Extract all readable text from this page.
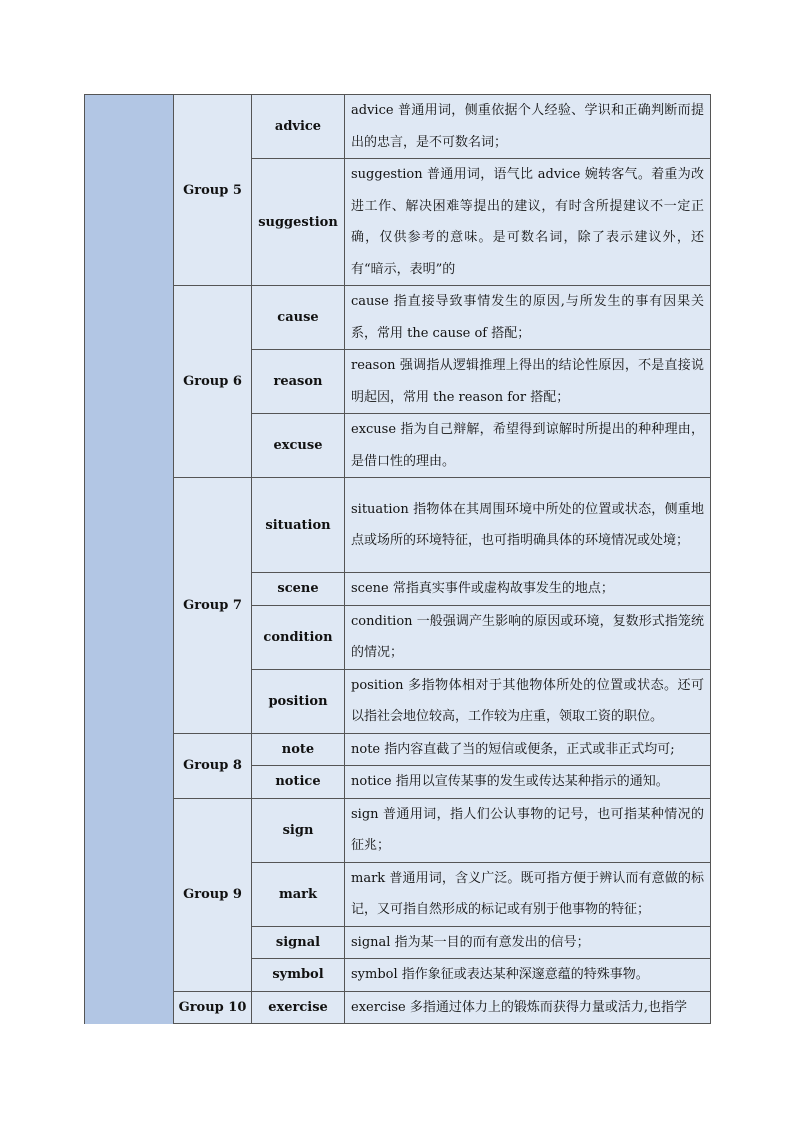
	Group 5	advice	advice 普通用词，侧重依据个人经验、学识和正确判断而提出的忠言，是不可数名词；
		suggestion	suggestion 普通用词，语气比 advice 婉转客气。着重为改进工作、解决困难等提出的建议，有时含所提建议不一定正确，仅供参考的意味。是可数名词，除了表示建议外，还有“暗示，表明”的
	Group 6	cause	cause 指直接导致事情发生的原因,与所发生的事有因果关系，常用 the cause of 搭配；
		reason	reason 强调指从逻辑推理上得出的结论性原因，不是直接说明起因，常用 the reason for 搭配；
		excuse	excuse 指为自己辩解，希望得到谅解时所提出的种种理由，是借口性的理由。
	Group 7	situation	situation 指物体在其周围环境中所处的位置或状态，侧重地点或场所的环境特征，也可指明确具体的环境情况或处境；
		scene	scene 常指真实事件或虚构故事发生的地点；
		condition	condition 一般强调产生影响的原因或环境，复数形式指笼统的情况；
		position	position 多指物体相对于其他物体所处的位置或状态。还可以指社会地位较高，工作较为庄重，领取工资的职位。
	Group 8	note	note 指内容直截了当的短信或便条，正式或非正式均可;
		notice	notice 指用以宣传某事的发生或传达某种指示的通知。
	Group 9	sign	sign 普通用词，指人们公认事物的记号，也可指某种情况的征兆；
		mark	mark 普通用词，含义广泛。既可指方便于辨认而有意做的标记，又可指自然形成的标记或有别于他事物的特征；
		signal	signal 指为某一目的而有意发出的信号；
		symbol	symbol 指作象征或表达某种深邃意蕴的特殊事物。
	Group 10	exercise	exercise 多指通过体力上的锻炼而获得力量或活力,也指学
